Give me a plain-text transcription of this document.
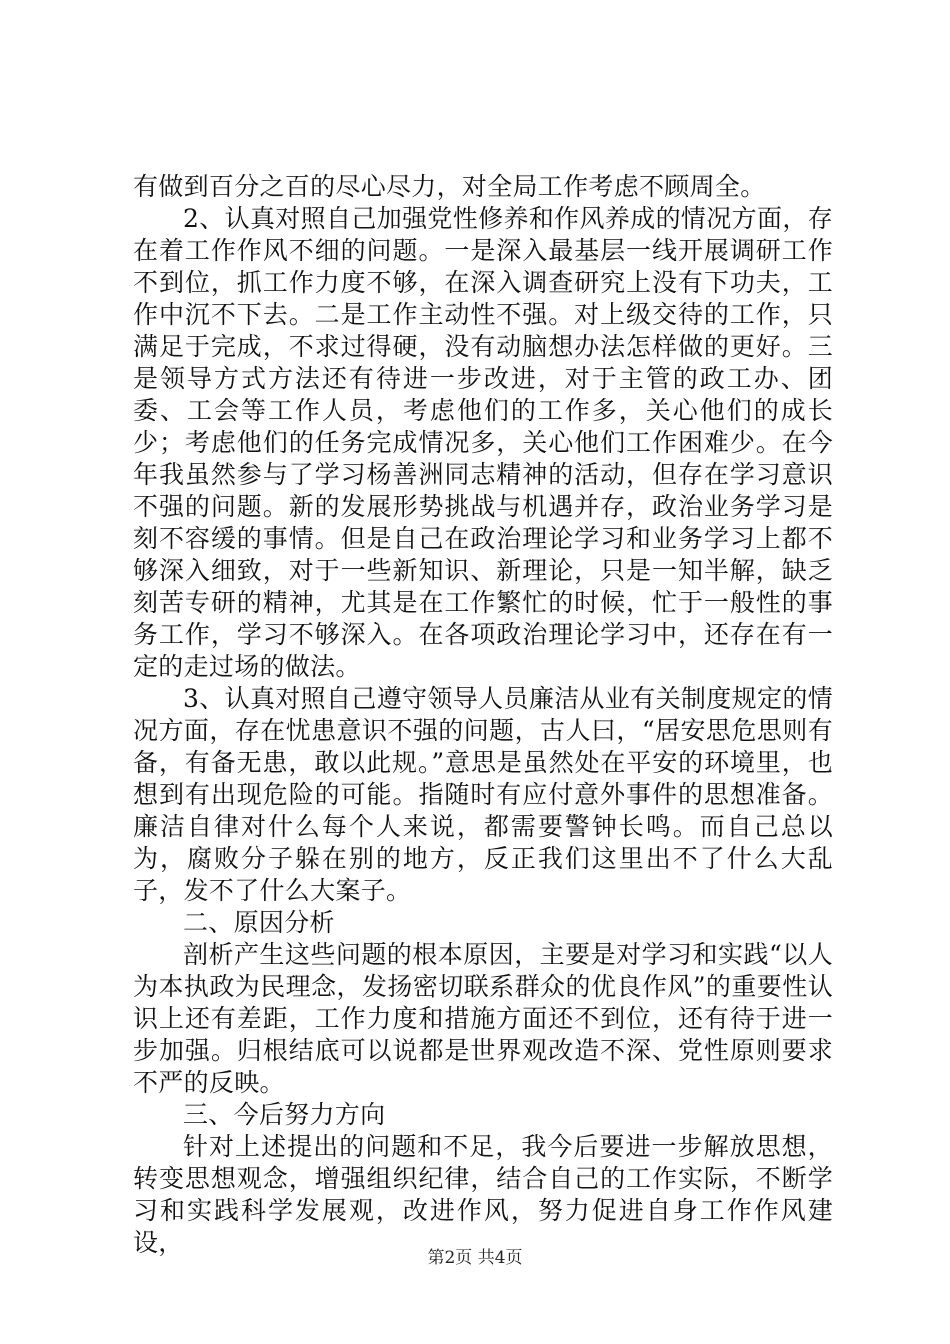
有做到百分之百的尽心尽力，对全局工作考虑不顾周全。

2、认真对照自己加强党性修养和作风养成的情况方面，存在着工作作风不细的问题。一是深入最基层一线开展调研工作不到位，抓工作力度不够，在深入调查研究上没有下功夫，工作中沉不下去。二是工作主动性不强。对上级交待的工作，只满足于完成，不求过得硬，没有动脑想办法怎样做的更好。三是领导方式方法还有待进一步改进，对于主管的政工办、团委、工会等工作人员，考虑他们的工作多，关心他们的成长少；考虑他们的任务完成情况多，关心他们工作困难少。在今年我虽然参与了学习杨善洲同志精神的活动，但存在学习意识不强的问题。新的发展形势挑战与机遇并存，政治业务学习是刻不容缓的事情。但是自己在政治理论学习和业务学习上都不够深入细致，对于一些新知识、新理论，只是一知半解，缺乏刻苦专研的精神，尤其是在工作繁忙的时候，忙于一般性的事务工作，学习不够深入。在各项政治理论学习中，还存在有一定的走过场的做法。

3、认真对照自己遵守领导人员廉洁从业有关制度规定的情况方面，存在忧患意识不强的问题，古人曰，“居安思危思则有备，有备无患，敢以此规。”意思是虽然处在平安的环境里，也想到有出现危险的可能。指随时有应付意外事件的思想准备。廉洁自律对什么每个人来说，都需要警钟长鸣。而自己总以为，腐败分子躲在别的地方，反正我们这里出不了什么大乱子，发不了什么大案子。

二、原因分析

剖析产生这些问题的根本原因，主要是对学习和实践“以人为本执政为民理念，发扬密切联系群众的优良作风”的重要性认识上还有差距，工作力度和措施方面还不到位，还有待于进一步加强。归根结底可以说都是世界观改造不深、党性原则要求不严的反映。

三、今后努力方向

针对上述提出的问题和不足，我今后要进一步解放思想，转变思想观念，增强组织纪律，结合自己的工作实际，不断学习和实践科学发展观，改进作风，努力促进自身工作作风建设，

第2页 共4页
